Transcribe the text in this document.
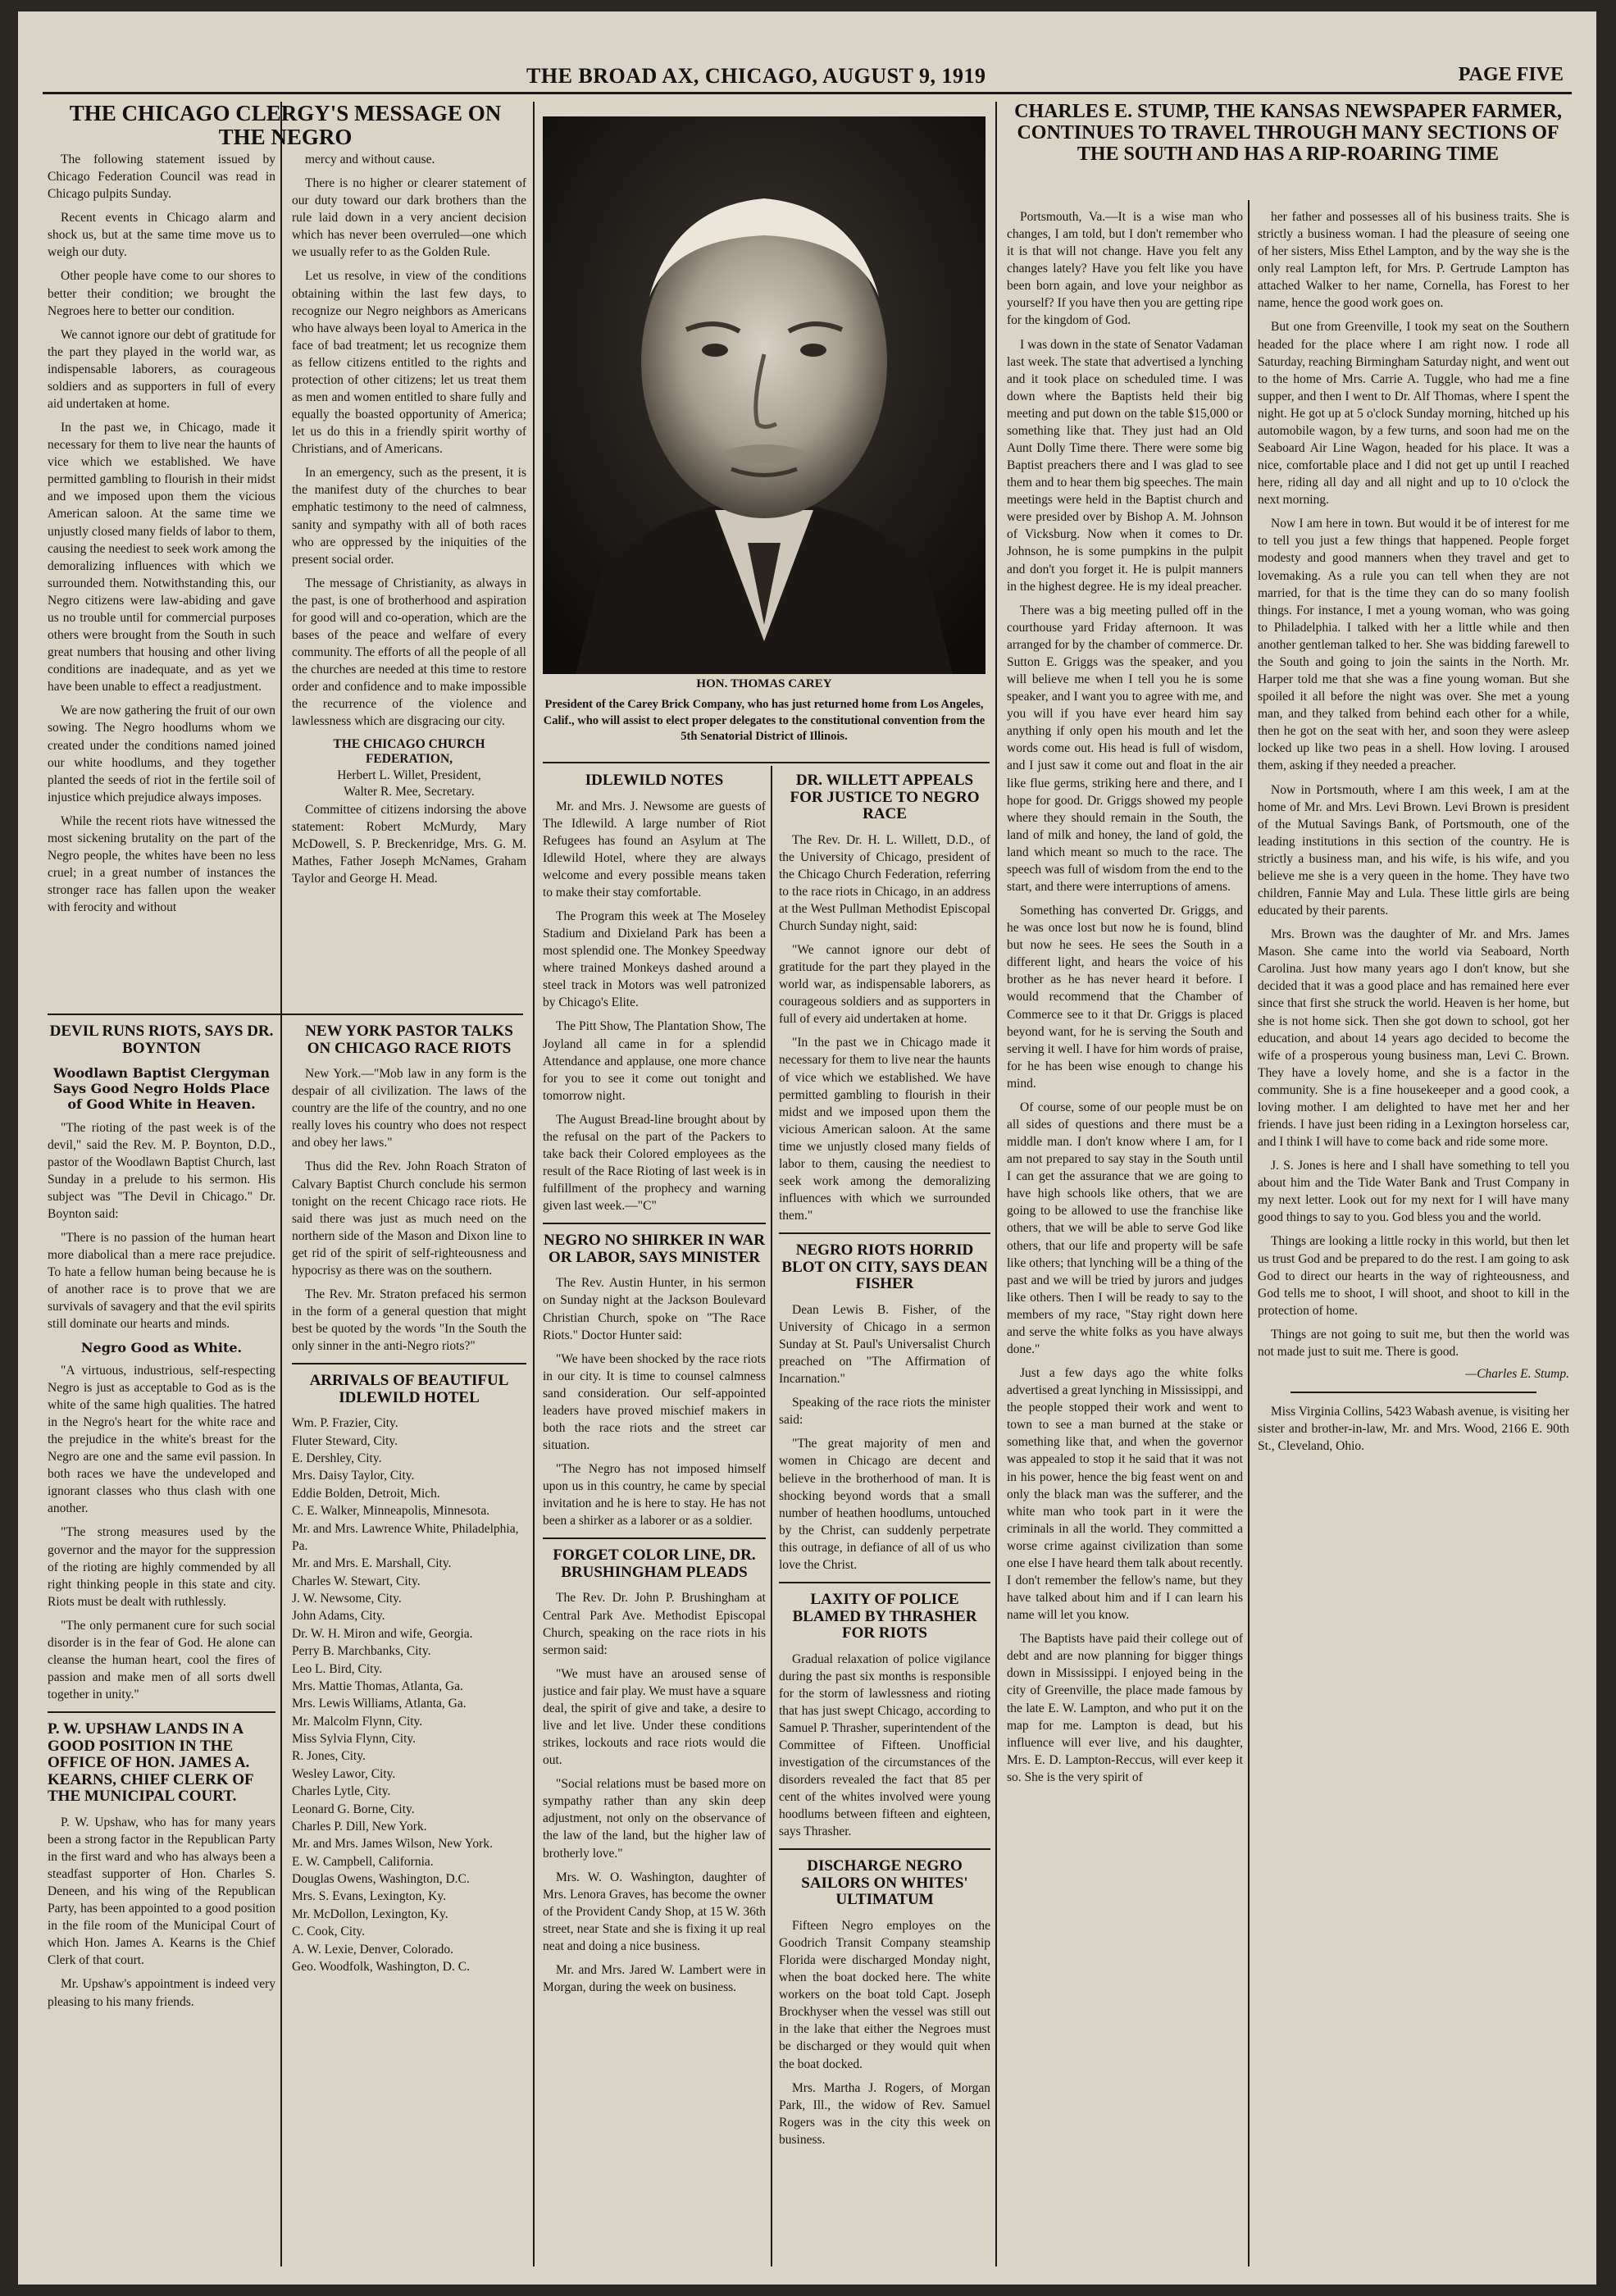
THE BROAD AX, CHICAGO, AUGUST 9, 1919	PAGE FIVE
THE CHICAGO CLERGY'S MESSAGE ON THE NEGRO

The following statement issued by Chicago Federation Council was read in Chicago pulpits Sunday.

Recent events in Chicago alarm and shock us, but at the same time move us to weigh our duty.

Other people have come to our shores to better their condition; we brought the Negroes here to better our condition.

We cannot ignore our debt of gratitude for the part they played in the world war, as indispensable laborers, as courageous soldiers and as supporters in full of every aid undertaken at home.

In the past we, in Chicago, made it necessary for them to live near the haunts of vice which we established. We have permitted gambling to flourish in their midst and we imposed upon them the vicious American saloon. At the same time we unjustly closed many fields of labor to them, causing the neediest to seek work among the demoralizing influences with which we surrounded them. Notwithstanding this, our Negro citizens were law-abiding and gave us no trouble until for commercial purposes others were brought from the South in such great numbers that housing and other living conditions are inadequate, and as yet we have been unable to effect a readjustment.

We are now gathering the fruit of our own sowing. The Negro hoodlums whom we created under the conditions named joined our white hoodlums, and they together planted the seeds of riot in the fertile soil of injustice which prejudice always imposes.

While the recent riots have witnessed the most sickening brutality on the part of the Negro people, the whites have been no less cruel; in a great number of instances the stronger race has fallen upon the weaker with ferocity and without

mercy and without cause.

There is no higher or clearer statement of our duty toward our dark brothers than the rule laid down in a very ancient decision which has never been overruled—one which we usually refer to as the Golden Rule.

Let us resolve, in view of the conditions obtaining within the last few days, to recognize our Negro neighbors as Americans who have always been loyal to America in the face of bad treatment; let us recognize them as fellow citizens entitled to the rights and protection of other citizens; let us treat them as men and women entitled to share fully and equally the boasted opportunity of America; let us do this in a friendly spirit worthy of Christians, and of Americans.

In an emergency, such as the present, it is the manifest duty of the churches to bear emphatic testimony to the need of calmness, sanity and sympathy with all of both races who are oppressed by the iniquities of the present social order.

The message of Christianity, as always in the past, is one of brotherhood and aspiration for good will and co-operation, which are the bases of the peace and welfare of every community. The efforts of all the people of all the churches are needed at this time to restore order and confidence and to make impossible the recurrence of the violence and lawlessness which are disgracing our city.

THE CHICAGO CHURCH FEDERATION,
Herbert L. Willet, President,
Walter R. Mee, Secretary.

Committee of citizens indorsing the above statement: Robert McMurdy, Mary McDowell, S. P. Breckenridge, Mrs. G. M. Mathes, Father Joseph McNames, Graham Taylor and George H. Mead.

DEVIL RUNS RIOTS, SAYS DR. BOYNTON
Woodlawn Baptist Clergyman Says Good Negro Holds Place of Good White in Heaven.

"The rioting of the past week is of the devil," said the Rev. M. P. Boynton, D.D., pastor of the Woodlawn Baptist Church, last Sunday in a prelude to his sermon. His subject was "The Devil in Chicago." Dr. Boynton said:

"There is no passion of the human heart more diabolical than a mere race prejudice. To hate a fellow human being because he is of another race is to prove that we are survivals of savagery and that the evil spirits still dominate our hearts and minds.

Negro Good as White.

"A virtuous, industrious, self-respecting Negro is just as acceptable to God as is the white of the same high qualities. The hatred in the Negro's heart for the white race and the prejudice in the white's breast for the Negro are one and the same evil passion. In both races we have the undeveloped and ignorant classes who thus clash with one another.

"The strong measures used by the governor and the mayor for the suppression of the rioting are highly commended by all right thinking people in this state and city. Riots must be dealt with ruthlessly.

"The only permanent cure for such social disorder is in the fear of God. He alone can cleanse the human heart, cool the fires of passion and make men of all sorts dwell together in unity."

P. W. UPSHAW LANDS IN A GOOD POSITION IN THE OFFICE OF HON. JAMES A. KEARNS, CHIEF CLERK OF THE MUNICIPAL COURT.

P. W. Upshaw, who has for many years been a strong factor in the Republican Party in the first ward and who has always been a steadfast supporter of Hon. Charles S. Deneen, and his wing of the Republican Party, has been appointed to a good position in the file room of the Municipal Court of which Hon. James A. Kearns is the Chief Clerk of that court.

Mr. Upshaw's appointment is indeed very pleasing to his many friends.

HON. THOMAS CAREY
President of the Carey Brick Company, who has just returned home from Los Angeles, Calif., who will assist to elect proper delegates to the constitutional convention from the 5th Senatorial District of Illinois.
NEW YORK PASTOR TALKS ON CHICAGO RACE RIOTS

New York.—"Mob law in any form is the despair of all civilization. The laws of the country are the life of the country, and no one really loves his country who does not respect and obey her laws."

Thus did the Rev. John Roach Straton of Calvary Baptist Church conclude his sermon tonight on the recent Chicago race riots. He said there was just as much need on the northern side of the Mason and Dixon line to get rid of the spirit of self-righteousness and hypocrisy as there was on the southern.

The Rev. Mr. Straton prefaced his sermon in the form of a general question that might best be quoted by the words "In the South the only sinner in the anti-Negro riots?"

ARRIVALS OF BEAUTIFUL IDLEWILD HOTEL
Wm. P. Frazier, City.
Fluter Steward, City.
E. Dershley, City.
Mrs. Daisy Taylor, City.
Eddie Bolden, Detroit, Mich.
C. E. Walker, Minneapolis, Minnesota.
Mr. and Mrs. Lawrence White, Philadelphia, Pa.
Mr. and Mrs. E. Marshall, City.
Charles W. Stewart, City.
J. W. Newsome, City.
John Adams, City.
Dr. W. H. Miron and wife, Georgia.
Perry B. Marchbanks, City.
Leo L. Bird, City.
Mrs. Mattie Thomas, Atlanta, Ga.
Mrs. Lewis Williams, Atlanta, Ga.
Mr. Malcolm Flynn, City.
Miss Sylvia Flynn, City.
R. Jones, City.
Wesley Lawor, City.
Charles Lytle, City.
Leonard G. Borne, City.
Charles P. Dill, New York.
Mr. and Mrs. James Wilson, New York.
E. W. Campbell, California.
Douglas Owens, Washington, D.C.
Mrs. S. Evans, Lexington, Ky.
Mr. McDollon, Lexington, Ky.
C. Cook, City.
A. W. Lexie, Denver, Colorado.
Geo. Woodfolk, Washington, D. C.
IDLEWILD NOTES

Mr. and Mrs. J. Newsome are guests of The Idlewild. A large number of Riot Refugees has found an Asylum at The Idlewild Hotel, where they are always welcome and every possible means taken to make their stay comfortable.

The Program this week at The Moseley Stadium and Dixieland Park has been a most splendid one. The Monkey Speedway where trained Monkeys dashed around a steel track in Motors was well patronized by Chicago's Elite.

The Pitt Show, The Plantation Show, The Joyland all came in for a splendid Attendance and applause, one more chance for you to see it come out tonight and tomorrow night.

The August Bread-line brought about by the refusal on the part of the Packers to take back their Colored employees as the result of the Race Rioting of last week is in fulfillment of the prophecy and warning given last week.—"C"

NEGRO NO SHIRKER IN WAR OR LABOR, SAYS MINISTER

The Rev. Austin Hunter, in his sermon on Sunday night at the Jackson Boulevard Christian Church, spoke on "The Race Riots." Doctor Hunter said:

"We have been shocked by the race riots in our city. It is time to counsel calmness sand consideration. Our self-appointed leaders have proved mischief makers in both the race riots and the street car situation.

"The Negro has not imposed himself upon us in this country, he came by special invitation and he is here to stay. He has not been a shirker as a laborer or as a soldier.

FORGET COLOR LINE, DR. BRUSHINGHAM PLEADS

The Rev. Dr. John P. Brushingham at Central Park Ave. Methodist Episcopal Church, speaking on the race riots in his sermon said:

"We must have an aroused sense of justice and fair play. We must have a square deal, the spirit of give and take, a desire to live and let live. Under these conditions strikes, lockouts and race riots would die out.

"Social relations must be based more on sympathy rather than any skin deep adjustment, not only on the observance of the law of the land, but the higher law of brotherly love."

Mrs. W. O. Washington, daughter of Mrs. Lenora Graves, has become the owner of the Provident Candy Shop, at 15 W. 36th street, near State and she is fixing it up real neat and doing a nice business.

Mr. and Mrs. Jared W. Lambert were in Morgan, during the week on business.

DR. WILLETT APPEALS FOR JUSTICE TO NEGRO RACE

The Rev. Dr. H. L. Willett, D.D., of the University of Chicago, president of the Chicago Church Federation, referring to the race riots in Chicago, in an address at the West Pullman Methodist Episcopal Church Sunday night, said:

"We cannot ignore our debt of gratitude for the part they played in the world war, as indispensable laborers, as courageous soldiers and as supporters in full of every aid undertaken at home.

"In the past we in Chicago made it necessary for them to live near the haunts of vice which we established. We have permitted gambling to flourish in their midst and we imposed upon them the vicious American saloon. At the same time we unjustly closed many fields of labor to them, causing the neediest to seek work among the demoralizing influences with which we surrounded them."

NEGRO RIOTS HORRID BLOT ON CITY, SAYS DEAN FISHER

Dean Lewis B. Fisher, of the University of Chicago in a sermon Sunday at St. Paul's Universalist Church preached on "The Affirmation of Incarnation."

Speaking of the race riots the minister said:

"The great majority of men and women in Chicago are decent and believe in the brotherhood of man. It is shocking beyond words that a small number of heathen hoodlums, untouched by the Christ, can suddenly perpetrate this outrage, in defiance of all of us who love the Christ.

LAXITY OF POLICE BLAMED BY THRASHER FOR RIOTS

Gradual relaxation of police vigilance during the past six months is responsible for the storm of lawlessness and rioting that has just swept Chicago, according to Samuel P. Thrasher, superintendent of the Committee of Fifteen. Unofficial investigation of the circumstances of the disorders revealed the fact that 85 per cent of the whites involved were young hoodlums between fifteen and eighteen, says Thrasher.

DISCHARGE NEGRO SAILORS ON WHITES' ULTIMATUM

Fifteen Negro employes on the Goodrich Transit Company steamship Florida were discharged Monday night, when the boat docked here. The white workers on the boat told Capt. Joseph Brockhyser when the vessel was still out in the lake that either the Negroes must be discharged or they would quit when the boat docked.

Mrs. Martha J. Rogers, of Morgan Park, Ill., the widow of Rev. Samuel Rogers was in the city this week on business.

CHARLES E. STUMP, THE KANSAS NEWSPAPER FARMER, CONTINUES TO TRAVEL THROUGH MANY SECTIONS OF THE SOUTH AND HAS A RIP-ROARING TIME

Portsmouth, Va.—It is a wise man who changes, I am told, but I don't remember who it is that will not change. Have you felt any changes lately? Have you felt like you have been born again, and love your neighbor as yourself? If you have then you are getting ripe for the kingdom of God.

I was down in the state of Senator Vadaman last week. The state that advertised a lynching and it took place on scheduled time. I was down where the Baptists held their big meeting and put down on the table $15,000 or something like that. They just had an Old Aunt Dolly Time there. There were some big Baptist preachers there and I was glad to see them and to hear them big speeches. The main meetings were held in the Baptist church and were presided over by Bishop A. M. Johnson of Vicksburg. Now when it comes to Dr. Johnson, he is some pumpkins in the pulpit and don't you forget it. He is pulpit manners in the highest degree. He is my ideal preacher.

There was a big meeting pulled off in the courthouse yard Friday afternoon. It was arranged for by the chamber of commerce. Dr. Sutton E. Griggs was the speaker, and you will believe me when I tell you he is some speaker, and I want you to agree with me, and you will if you have ever heard him say anything if only open his mouth and let the words come out. His head is full of wisdom, and I just saw it come out and float in the air like flue germs, striking here and there, and I hope for good. Dr. Griggs showed my people where they should remain in the South, the land of milk and honey, the land of gold, the land which meant so much to the race. The speech was full of wisdom from the end to the start, and there were interruptions of amens.

Something has converted Dr. Griggs, and he was once lost but now he is found, blind but now he sees. He sees the South in a different light, and hears the voice of his brother as he has never heard it before. I would recommend that the Chamber of Commerce see to it that Dr. Griggs is placed beyond want, for he is serving the South and serving it well. I have for him words of praise, for he has been wise enough to change his mind.

Of course, some of our people must be on all sides of questions and there must be a middle man. I don't know where I am, for I am not prepared to say stay in the South until I can get the assurance that we are going to have high schools like others, that we are going to be allowed to use the franchise like others, that we will be able to serve God like others, that our life and property will be safe like others; that lynching will be a thing of the past and we will be tried by jurors and judges like others. Then I will be ready to say to the members of my race, "Stay right down here and serve the white folks as you have always done."

Just a few days ago the white folks advertised a great lynching in Mississippi, and the people stopped their work and went to town to see a man burned at the stake or something like that, and when the governor was appealed to stop it he said that it was not in his power, hence the big feast went on and only the black man was the sufferer, and the white man who took part in it were the criminals in all the world. They committed a worse crime against civilization than some one else I have heard them talk about recently. I don't remember the fellow's name, but they have talked about him and if I can learn his name will let you know.

The Baptists have paid their college out of debt and are now planning for bigger things down in Mississippi. I enjoyed being in the city of Greenville, the place made famous by the late E. W. Lampton, and who put it on the map for me. Lampton is dead, but his influence will ever live, and his daughter, Mrs. E. D. Lampton-Reccus, will ever keep it so. She is the very spirit of

her father and possesses all of his business traits. She is strictly a business woman. I had the pleasure of seeing one of her sisters, Miss Ethel Lampton, and by the way she is the only real Lampton left, for Mrs. P. Gertrude Lampton has attached Walker to her name, Cornella, has Forest to her name, hence the good work goes on.

But one from Greenville, I took my seat on the Southern headed for the place where I am right now. I rode all Saturday, reaching Birmingham Saturday night, and went out to the home of Mrs. Carrie A. Tuggle, who had me a fine supper, and then I went to Dr. Alf Thomas, where I spent the night. He got up at 5 o'clock Sunday morning, hitched up his automobile wagon, by a few turns, and soon had me on the Seaboard Air Line Wagon, headed for his place. It was a nice, comfortable place and I did not get up until I reached here, riding all day and all night and up to 10 o'clock the next morning.

Now I am here in town. But would it be of interest for me to tell you just a few things that happened. People forget modesty and good manners when they travel and get to lovemaking. As a rule you can tell when they are not married, for that is the time they can do so many foolish things. For instance, I met a young woman, who was going to Philadelphia. I talked with her a little while and then another gentleman talked to her. She was bidding farewell to the South and going to join the saints in the North. Mr. Harper told me that she was a fine young woman. But she spoiled it all before the night was over. She met a young man, and they talked from behind each other for a while, then he got on the seat with her, and soon they were asleep locked up like two peas in a shell. How loving. I aroused them, asking if they needed a preacher.

Now in Portsmouth, where I am this week, I am at the home of Mr. and Mrs. Levi Brown. Levi Brown is president of the Mutual Savings Bank, of Portsmouth, one of the leading institutions in this section of the country. He is strictly a business man, and his wife, is his wife, and you believe me she is a very queen in the home. They have two children, Fannie May and Lula. These little girls are being educated by their parents.

Mrs. Brown was the daughter of Mr. and Mrs. James Mason. She came into the world via Seaboard, North Carolina. Just how many years ago I don't know, but she decided that it was a good place and has remained here ever since that first she struck the world. Heaven is her home, but she is not home sick. Then she got down to school, got her education, and about 14 years ago decided to become the wife of a prosperous young business man, Levi C. Brown. They have a lovely home, and she is a factor in the community. She is a fine housekeeper and a good cook, a loving mother. I am delighted to have met her and her friends. I have just been riding in a Lexington horseless car, and I think I will have to come back and ride some more.

J. S. Jones is here and I shall have something to tell you about him and the Tide Water Bank and Trust Company in my next letter. Look out for my next for I will have many good things to say to you. God bless you and the world.

Things are looking a little rocky in this world, but then let us trust God and be prepared to do the rest. I am going to ask God to direct our hearts in the way of righteousness, and God tells me to shoot, I will shoot, and shoot to kill in the protection of home.

Things are not going to suit me, but then the world was not made just to suit me. There is good.

—Charles E. Stump.

Miss Virginia Collins, 5423 Wabash avenue, is visiting her sister and brother-in-law, Mr. and Mrs. Wood, 2166 E. 90th St., Cleveland, Ohio.
